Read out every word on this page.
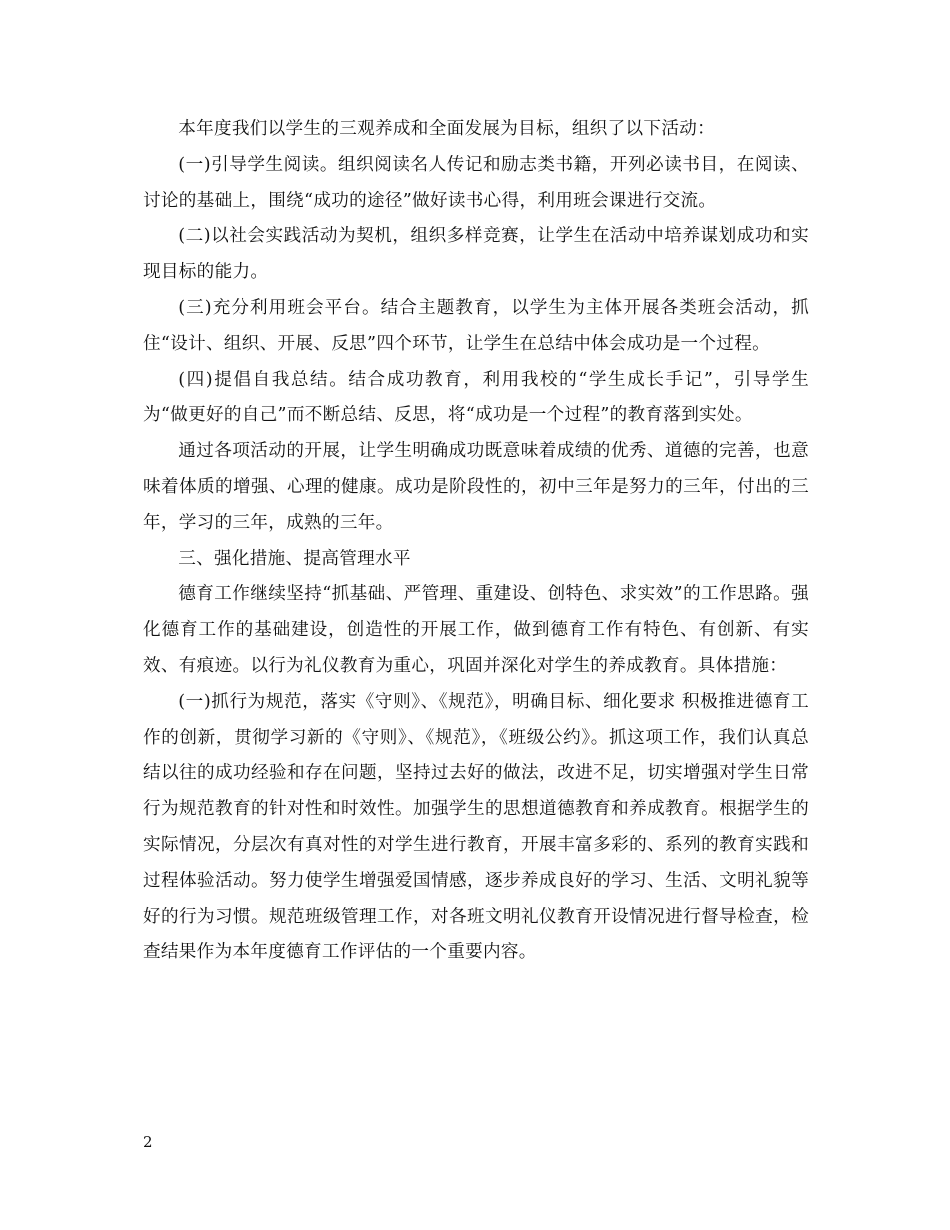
本年度我们以学生的三观养成和全面发展为目标，组织了以下活动：

(一)引导学生阅读。组织阅读名人传记和励志类书籍，开列必读书目，在阅读、讨论的基础上，围绕“成功的途径”做好读书心得，利用班会课进行交流。

(二)以社会实践活动为契机，组织多样竞赛，让学生在活动中培养谋划成功和实现目标的能力。

(三)充分利用班会平台。结合主题教育，以学生为主体开展各类班会活动，抓住“设计、组织、开展、反思”四个环节，让学生在总结中体会成功是一个过程。

(四)提倡自我总结。结合成功教育，利用我校的“学生成长手记”，引导学生为“做更好的自己”而不断总结、反思，将“成功是一个过程”的教育落到实处。

通过各项活动的开展，让学生明确成功既意味着成绩的优秀、道德的完善，也意味着体质的增强、心理的健康。成功是阶段性的，初中三年是努力的三年，付出的三年，学习的三年，成熟的三年。

三、强化措施、提高管理水平

德育工作继续坚持“抓基础、严管理、重建设、创特色、求实效”的工作思路。强化德育工作的基础建设，创造性的开展工作，做到德育工作有特色、有创新、有实效、有痕迹。以行为礼仪教育为重心，巩固并深化对学生的养成教育。具体措施：

(一)抓行为规范，落实《守则》、《规范》，明确目标、细化要求 积极推进德育工作的创新，贯彻学习新的《守则》、《规范》，《班级公约》。抓这项工作，我们认真总结以往的成功经验和存在问题，坚持过去好的做法，改进不足，切实增强对学生日常行为规范教育的针对性和时效性。加强学生的思想道德教育和养成教育。根据学生的实际情况，分层次有真对性的对学生进行教育，开展丰富多彩的、系列的教育实践和过程体验活动。努力使学生增强爱国情感，逐步养成良好的学习、生活、文明礼貌等好的行为习惯。规范班级管理工作，对各班文明礼仪教育开设情况进行督导检查，检查结果作为本年度德育工作评估的一个重要内容。

2
